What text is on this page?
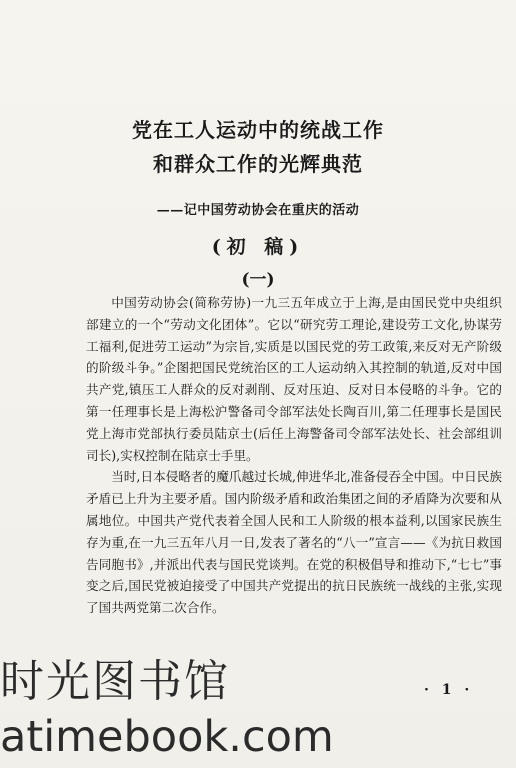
党在工人运动中的统战工作
和群众工作的光辉典范
——记中国劳动协会在重庆的活动
(初 稿)
(一)

中国劳动协会(简称劳协)一九三五年成立于上海,是由国民党中央组织部建立的一个“劳动文化团体”。它以“研究劳工理论,建设劳工文化,协谋劳工福利,促进劳工运动”为宗旨,实质是以国民党的劳工政策,来反对无产阶级的阶级斗争。”企图把国民党统治区的工人运动纳入其控制的轨道,反对中国共产党,镇压工人群众的反对剥削、反对压迫、反对日本侵略的斗争。它的第一任理事长是上海松沪警备司令部军法处长陶百川,第二任理事长是国民党上海市党部执行委员陆京士(后任上海警备司令部军法处长、社会部组训司长),实权控制在陆京士手里。

当时,日本侵略者的魔爪越过长城,伸进华北,准备侵吞全中国。中日民族矛盾已上升为主要矛盾。国内阶级矛盾和政治集团之间的矛盾降为次要和从属地位。中国共产党代表着全国人民和工人阶级的根本益利,以国家民族生存为重,在一九三五年八月一日,发表了著名的“八一”宣言——《为抗日救国告同胞书》,并派出代表与国民党谈判。在党的积极倡导和推动下,“七七”事变之后,国民党被迫接受了中国共产党提出的抗日民族统一战线的主张,实现了国共两党第二次合作。

· 1 ·
时光图书馆
atimebook.com
